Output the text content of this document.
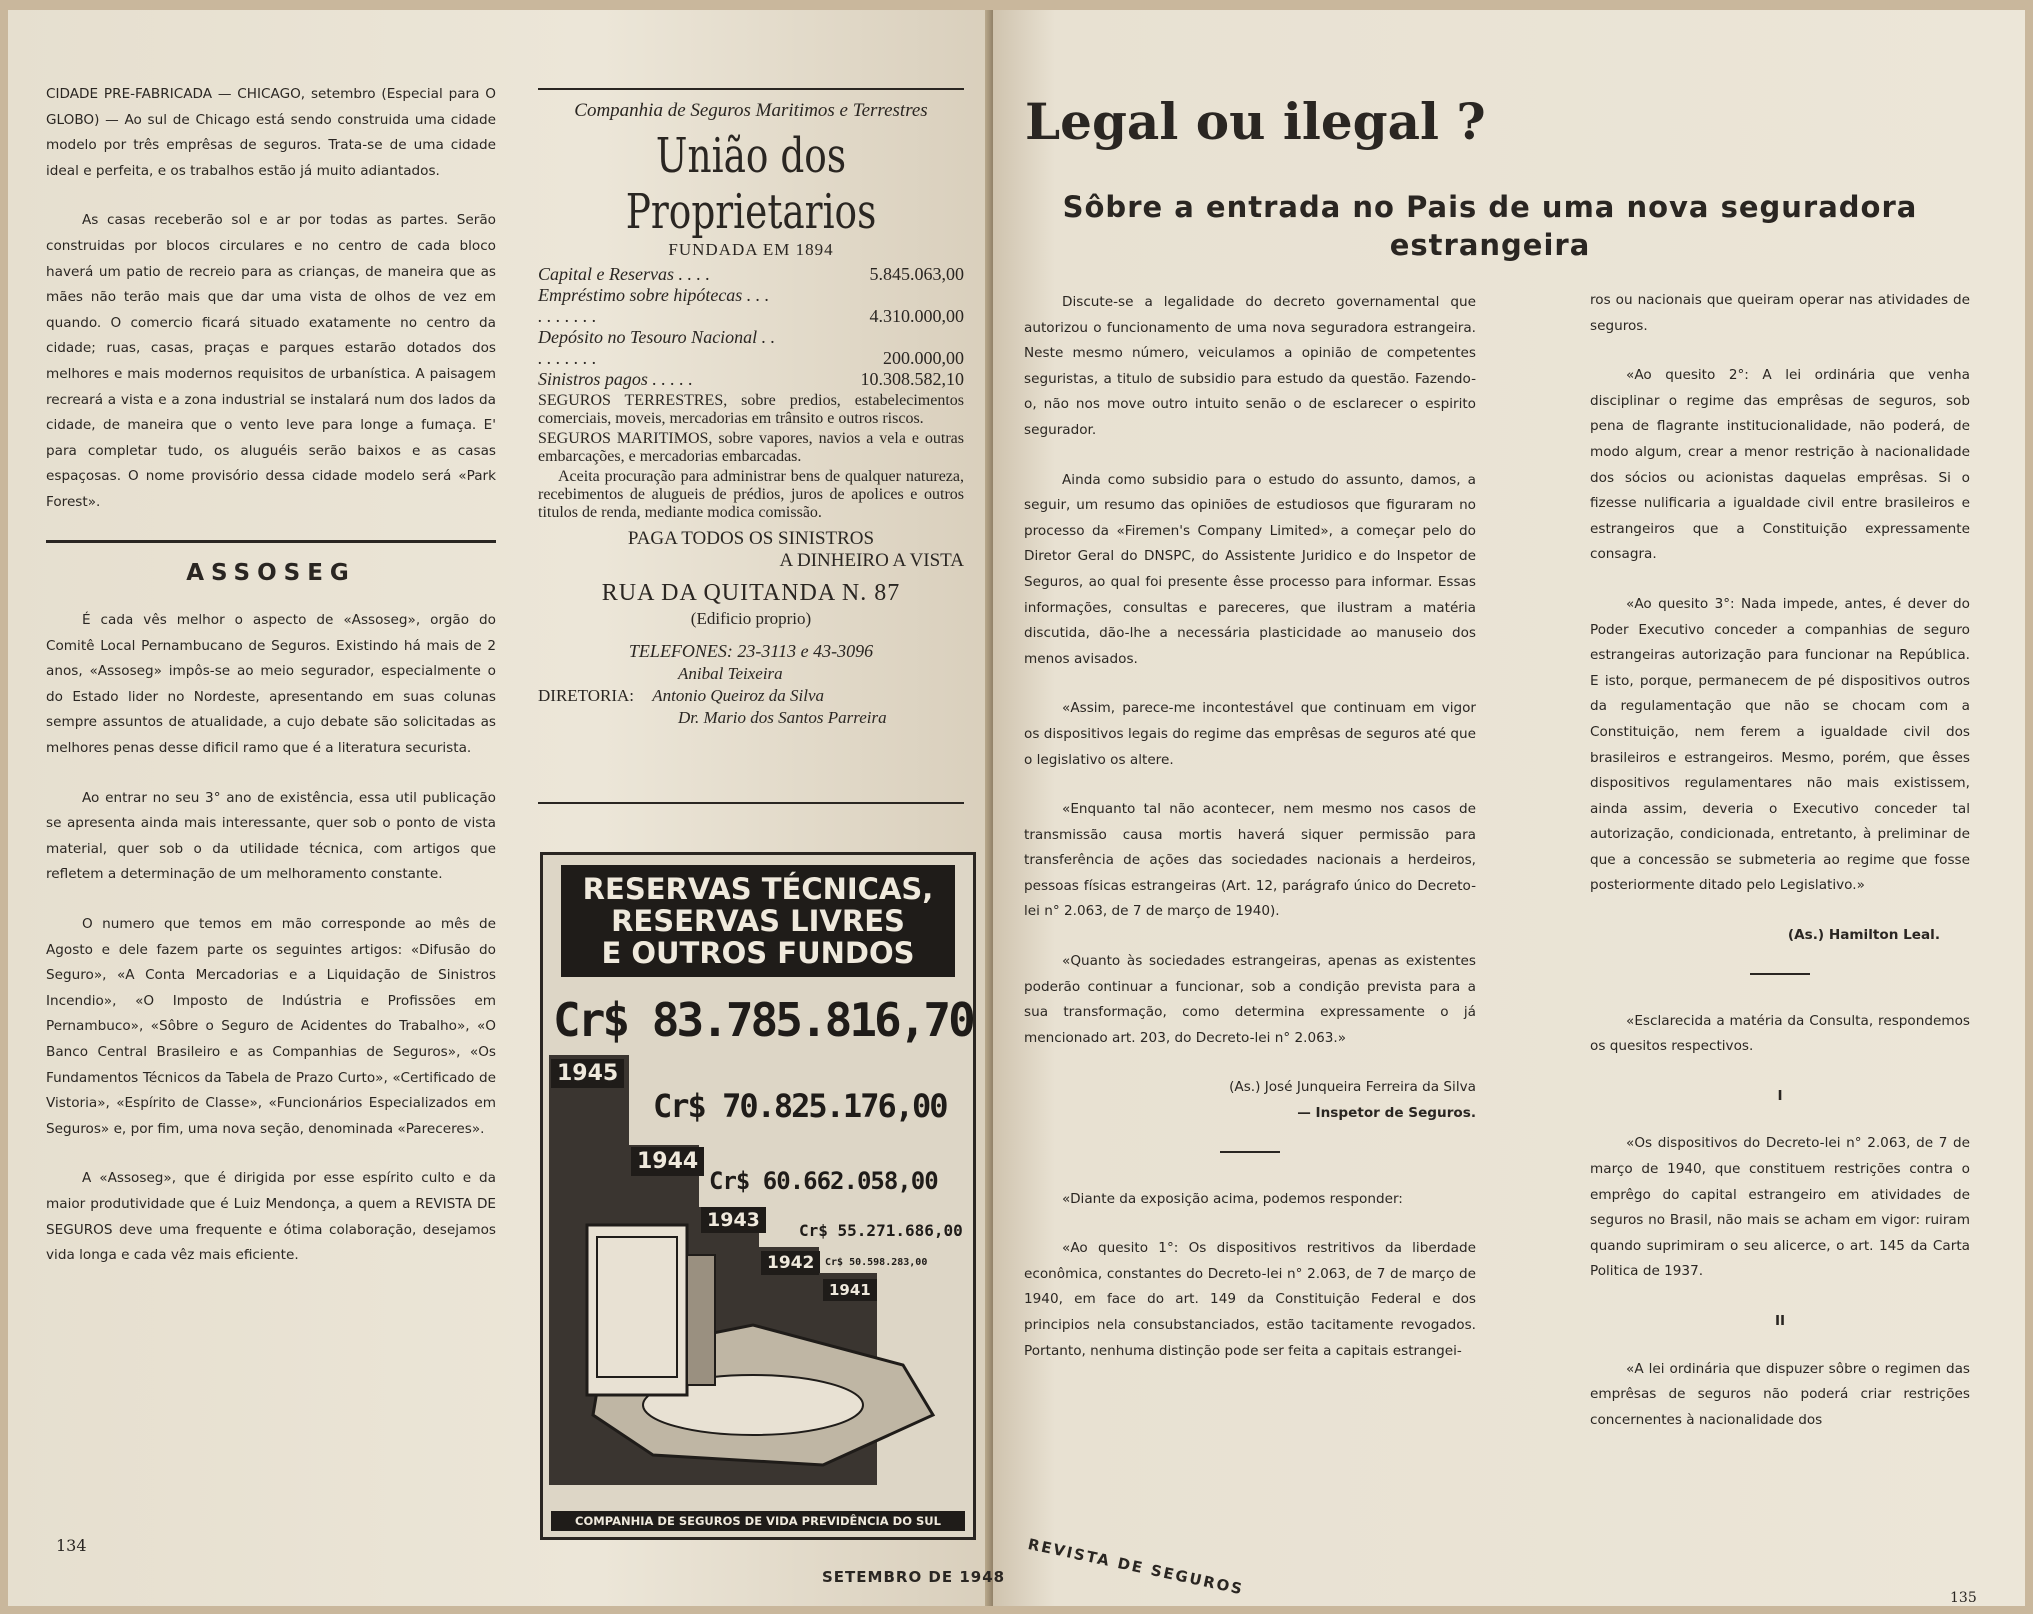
CIDADE PRE-FABRICADA — CHICAGO, setembro (Especial para O GLOBO) — Ao sul de Chicago está sendo construida uma cidade modelo por três emprêsas de seguros. Trata-se de uma cidade ideal e perfeita, e os trabalhos estão já muito adiantados.

As casas receberão sol e ar por todas as partes. Serão construidas por blocos circulares e no centro de cada bloco haverá um patio de recreio para as crianças, de maneira que as mães não terão mais que dar uma vista de olhos de vez em quando. O comercio ficará situado exatamente no centro da cidade; ruas, casas, praças e parques estarão dotados dos melhores e mais modernos requisitos de urbanística. A paisagem recreará a vista e a zona industrial se instalará num dos lados da cidade, de maneira que o vento leve para longe a fumaça. E' para completar tudo, os aluguéis serão baixos e as casas espaçosas. O nome provisório dessa cidade modelo será «Park Forest».

ASSOSEG

É cada vês melhor o aspecto de «Assoseg», orgão do Comitê Local Pernambucano de Seguros. Existindo há mais de 2 anos, «Assoseg» impôs-se ao meio segurador, especialmente o do Estado lider no Nordeste, apresentando em suas colunas sempre assuntos de atualidade, a cujo debate são solicitadas as melhores penas desse dificil ramo que é a literatura securista.

Ao entrar no seu 3° ano de existência, essa util publicação se apresenta ainda mais interessante, quer sob o ponto de vista material, quer sob o da utilidade técnica, com artigos que refletem a determinação de um melhoramento constante.

O numero que temos em mão corresponde ao mês de Agosto e dele fazem parte os seguintes artigos: «Difusão do Seguro», «A Conta Mercadorias e a Liquidação de Sinistros Incendio», «O Imposto de Indústria e Profissões em Pernambuco», «Sôbre o Seguro de Acidentes do Trabalho», «O Banco Central Brasileiro e as Companhias de Seguros», «Os Fundamentos Técnicos da Tabela de Prazo Curto», «Certificado de Vistoria», «Espírito de Classe», «Funcionários Especializados em Seguros» e, por fim, uma nova seção, denominada «Pareceres».

A «Assoseg», que é dirigida por esse espírito culto e da maior produtividade que é Luiz Mendonça, a quem a REVISTA DE SEGUROS deve uma frequente e ótima colaboração, desejamos vida longa e cada vêz mais eficiente.

134
SETEMBRO DE 1948
Companhia de Seguros Maritimos e Terrestres
União dos Proprietarios
FUNDADA EM 1894
Capital e Reservas . . . .	5.845.063,00
Empréstimo sobre hipótecas . . . . . . . . . .	4.310.000,00
Depósito no Tesouro Nacional . . . . . . . . .	200.000,00
Sinistros pagos . . . . .	10.308.582,10
SEGUROS TERRESTRES, sobre predios, estabelecimentos comerciais, moveis, mercadorias em trânsito e outros riscos.
SEGUROS MARITIMOS, sobre vapores, navios a vela e outras embarcações, e mercadorias embarcadas.
Aceita procuração para administrar bens de qualquer natureza, recebimentos de alugueis de prédios, juros de apolices e outros titulos de renda, mediante modica comissão.
PAGA TODOS OS SINISTROS
A DINHEIRO A VISTA
RUA DA QUITANDA N. 87
(Edificio proprio)
TELEFONES: 23-3113 e 43-3096
Anibal Teixeira
DIRETORIA: Antonio Queiroz da Silva
Dr. Mario dos Santos Parreira
RESERVAS TÉCNICAS,
RESERVAS LIVRES
E OUTROS FUNDOS
Cr$ 83.785.816,70
1945
Cr$ 70.825.176,00
1944
Cr$ 60.662.058,00
1943	Cr$ 55.271.686,00
1942	Cr$ 50.598.283,00
1941
COMPANHIA DE SEGUROS DE VIDA PREVIDÊNCIA DO SUL
Legal ou ilegal ?
Sôbre a entrada no Pais de uma nova seguradora estrangeira

Discute-se a legalidade do decreto governamental que autorizou o funcionamento de uma nova seguradora estrangeira. Neste mesmo número, veiculamos a opinião de competentes seguristas, a titulo de subsidio para estudo da questão. Fazendo-o, não nos move outro intuito senão o de esclarecer o espirito segurador.

Ainda como subsidio para o estudo do assunto, damos, a seguir, um resumo das opiniões de estudiosos que figuraram no processo da «Firemen's Company Limited», a começar pelo do Diretor Geral do DNSPC, do Assistente Juridico e do Inspetor de Seguros, ao qual foi presente êsse processo para informar. Essas informações, consultas e pareceres, que ilustram a matéria discutida, dão-lhe a necessária plasticidade ao manuseio dos menos avisados.

«Assim, parece-me incontestável que continuam em vigor os dispositivos legais do regime das emprêsas de seguros até que o legislativo os altere.

«Enquanto tal não acontecer, nem mesmo nos casos de transmissão causa mortis haverá siquer permissão para transferência de ações das sociedades nacionais a herdeiros, pessoas físicas estrangeiras (Art. 12, parágrafo único do Decreto-lei n° 2.063, de 7 de março de 1940).

«Quanto às sociedades estrangeiras, apenas as existentes poderão continuar a funcionar, sob a condição prevista para a sua transformação, como determina expressamente o já mencionado art. 203, do Decreto-lei n° 2.063.»

(As.) José Junqueira Ferreira da Silva
— Inspetor de Seguros.

«Diante da exposição acima, podemos responder:

«Ao quesito 1°: Os dispositivos restritivos da liberdade econômica, constantes do Decreto-lei n° 2.063, de 7 de março de 1940, em face do art. 149 da Constituição Federal e dos principios nela consubstanciados, estão tacitamente revogados. Portanto, nenhuma distinção pode ser feita a capitais estrangei-

ros ou nacionais que queiram operar nas atividades de seguros.

«Ao quesito 2°: A lei ordinária que venha disciplinar o regime das emprêsas de seguros, sob pena de flagrante institucionalidade, não poderá, de modo algum, crear a menor restrição à nacionalidade dos sócios ou acionistas daquelas emprêsas. Si o fizesse nulificaria a igualdade civil entre brasileiros e estrangeiros que a Constituição expressamente consagra.

«Ao quesito 3°: Nada impede, antes, é dever do Poder Executivo conceder a companhias de seguro estrangeiras autorização para funcionar na República. E isto, porque, permanecem de pé dispositivos outros da regulamentação que não se chocam com a Constituição, nem ferem a igualdade civil dos brasileiros e estrangeiros. Mesmo, porém, que êsses dispositivos regulamentares não mais existissem, ainda assim, deveria o Executivo conceder tal autorização, condicionada, entretanto, à preliminar de que a concessão se submeteria ao regime que fosse posteriormente ditado pelo Legislativo.»

(As.) Hamilton Leal.

«Esclarecida a matéria da Consulta, respondemos os quesitos respectivos.

I

«Os dispositivos do Decreto-lei n° 2.063, de 7 de março de 1940, que constituem restrições contra o emprêgo do capital estrangeiro em atividades de seguros no Brasil, não mais se acham em vigor: ruiram quando suprimiram o seu alicerce, o art. 145 da Carta Politica de 1937.

II

«A lei ordinária que dispuzer sôbre o regimen das emprêsas de seguros não poderá criar restrições concernentes à nacionalidade dos

REVISTA DE SEGUROS	135
